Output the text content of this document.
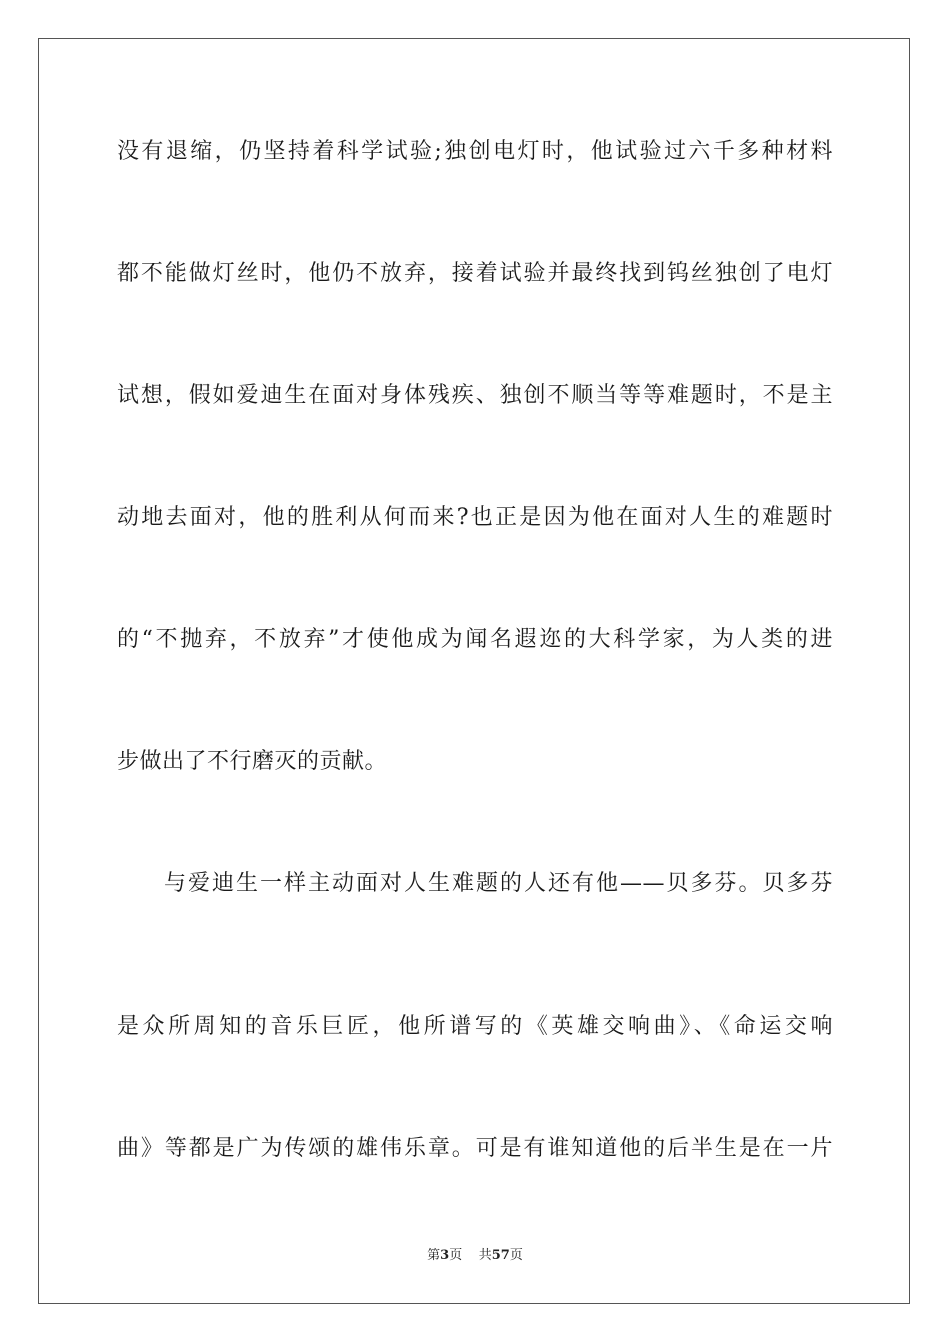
没有退缩，仍坚持着科学试验;独创电灯时，他试验过六千多种材料
都不能做灯丝时，他仍不放弃，接着试验并最终找到钨丝独创了电灯
试想，假如爱迪生在面对身体残疾、独创不顺当等等难题时，不是主
动地去面对，他的胜利从何而来?也正是因为他在面对人生的难题时
的“不抛弃，不放弃”才使他成为闻名遐迩的大科学家，为人类的进
步做出了不行磨灭的贡献。
与爱迪生一样主动面对人生难题的人还有他——贝多芬。贝多芬
是众所周知的音乐巨匠，他所谱写的《英雄交响曲》、《命运交响
曲》等都是广为传颂的雄伟乐章。可是有谁知道他的后半生是在一片
第3页 共57页
